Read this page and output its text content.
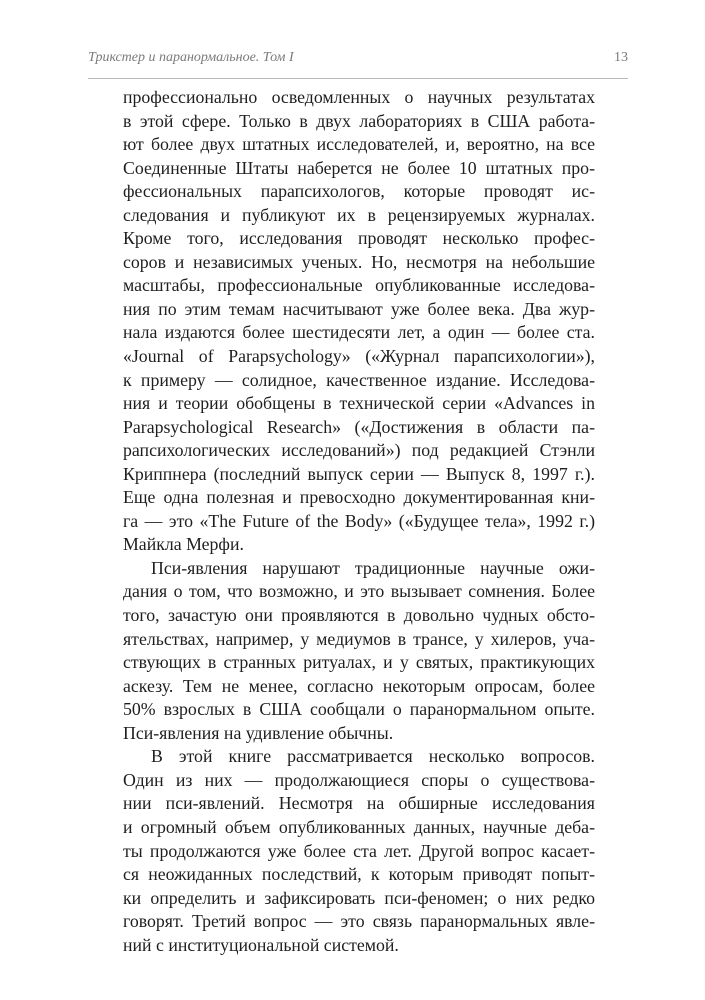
Трикстер и паранормальное. Том I	13
профессионально осведомленных о научных результатах
в этой сфере. Только в двух лабораториях в США работа-
ют более двух штатных исследователей, и, вероятно, на все
Соединенные Штаты наберется не более 10 штатных про-
фессиональных парапсихологов, которые проводят ис-
следования и публикуют их в рецензируемых журналах.
Кроме того, исследования проводят несколько профес-
соров и независимых ученых. Но, несмотря на небольшие
масштабы, профессиональные опубликованные исследова-
ния по этим темам насчитывают уже более века. Два жур-
нала издаются более шестидесяти лет, а один — более ста.
«Journal of Parapsychology» («Журнал парапсихологии»),
к примеру — солидное, качественное издание. Исследова-
ния и теории обобщены в технической серии «Advances in
Parapsychological Research» («Достижения в области па-
рапсихологических исследований») под редакцией Стэнли
Криппнера (последний выпуск серии — Выпуск 8, 1997 г.).
Еще одна полезная и превосходно документированная кни-
га — это «The Future of the Body» («Будущее тела», 1992 г.)
Майкла Мерфи.
Пси-явления нарушают традиционные научные ожи-
дания о том, что возможно, и это вызывает сомнения. Более
того, зачастую они проявляются в довольно чудных обсто-
ятельствах, например, у медиумов в трансе, у хилеров, уча-
ствующих в странных ритуалах, и у святых, практикующих
аскезу. Тем не менее, согласно некоторым опросам, более
50% взрослых в США сообщали о паранормальном опыте.
Пси-явления на удивление обычны.
В этой книге рассматривается несколько вопросов.
Один из них — продолжающиеся споры о существова-
нии пси-явлений. Несмотря на обширные исследования
и огромный объем опубликованных данных, научные деба-
ты продолжаются уже более ста лет. Другой вопрос касает-
ся неожиданных последствий, к которым приводят попыт-
ки определить и зафиксировать пси-феномен; о них редко
говорят. Третий вопрос — это связь паранормальных явле-
ний с институциональной системой.
